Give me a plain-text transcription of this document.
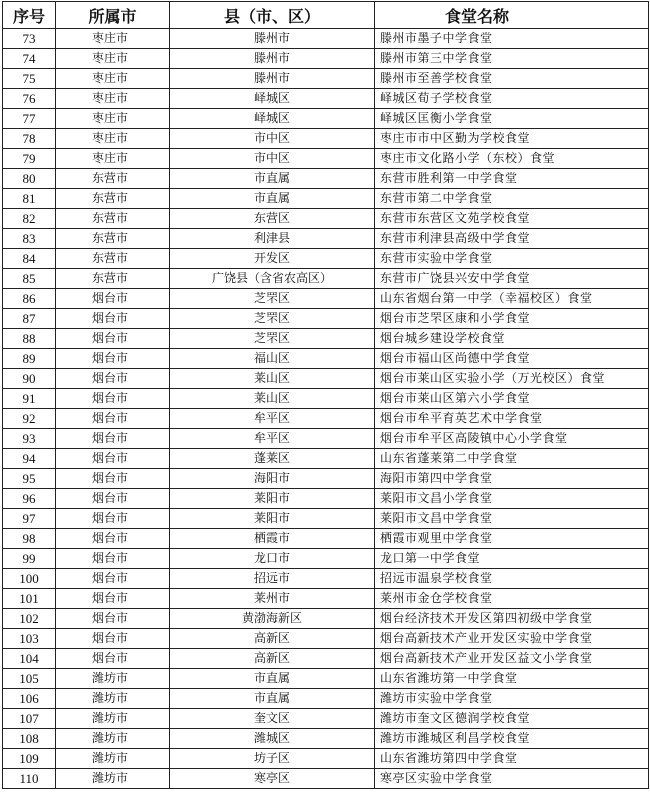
序号	所属市	县（市、区）	食堂名称
73	枣庄市	滕州市	滕州市墨子中学食堂
74	枣庄市	滕州市	滕州市第三中学食堂
75	枣庄市	滕州市	滕州市至善学校食堂
76	枣庄市	峄城区	峄城区荀子学校食堂
77	枣庄市	峄城区	峄城区匡衡小学食堂
78	枣庄市	市中区	枣庄市市中区勤为学校食堂
79	枣庄市	市中区	枣庄市文化路小学（东校）食堂
80	东营市	市直属	东营市胜利第一中学食堂
81	东营市	市直属	东营市第二中学食堂
82	东营市	东营区	东营市东营区文苑学校食堂
83	东营市	利津县	东营市利津县高级中学食堂
84	东营市	开发区	东营市实验中学食堂
85	东营市	广饶县（含省农高区）	东营市广饶县兴安中学食堂
86	烟台市	芝罘区	山东省烟台第一中学（幸福校区）食堂
87	烟台市	芝罘区	烟台市芝罘区康和小学食堂
88	烟台市	芝罘区	烟台城乡建设学校食堂
89	烟台市	福山区	烟台市福山区尚德中学食堂
90	烟台市	莱山区	烟台市莱山区实验小学（万光校区）食堂
91	烟台市	莱山区	烟台市莱山区第六小学食堂
92	烟台市	牟平区	烟台市牟平育英艺术中学食堂
93	烟台市	牟平区	烟台市牟平区高陵镇中心小学食堂
94	烟台市	蓬莱区	山东省蓬莱第二中学食堂
95	烟台市	海阳市	海阳市第四中学食堂
96	烟台市	莱阳市	莱阳市文昌小学食堂
97	烟台市	莱阳市	莱阳市文昌中学食堂
98	烟台市	栖霞市	栖霞市观里中学食堂
99	烟台市	龙口市	龙口第一中学食堂
100	烟台市	招远市	招远市温泉学校食堂
101	烟台市	莱州市	莱州市金仓学校食堂
102	烟台市	黄渤海新区	烟台经济技术开发区第四初级中学食堂
103	烟台市	高新区	烟台高新技术产业开发区实验中学食堂
104	烟台市	高新区	烟台高新技术产业开发区益文小学食堂
105	潍坊市	市直属	山东省潍坊第一中学食堂
106	潍坊市	市直属	潍坊市实验中学食堂
107	潍坊市	奎文区	潍坊市奎文区德润学校食堂
108	潍坊市	潍城区	潍坊市潍城区利昌学校食堂
109	潍坊市	坊子区	山东省潍坊第四中学食堂
110	潍坊市	寒亭区	寒亭区实验中学食堂
